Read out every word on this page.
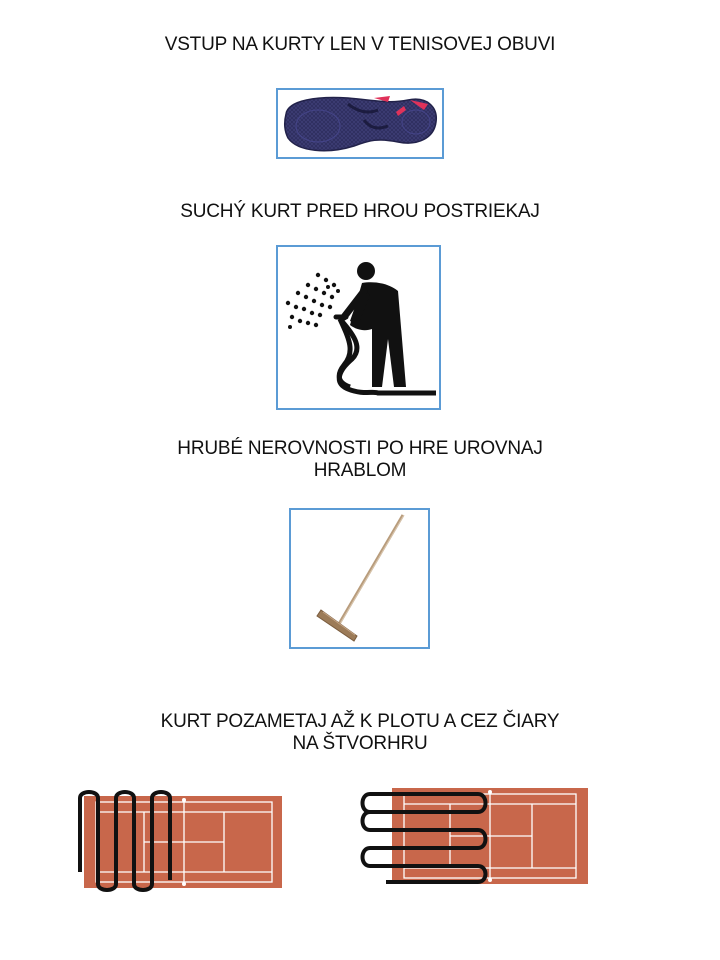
VSTUP NA KURTY LEN V TENISOVEJ OBUVI
SUCHÝ KURT PRED HROU POSTRIEKAJ
HRUBÉ NEROVNOSTI PO HRE UROVNAJ
HRABLOM
KURT POZAMETAJ AŽ K PLOTU A CEZ ČIARY
NA ŠTVORHRU
